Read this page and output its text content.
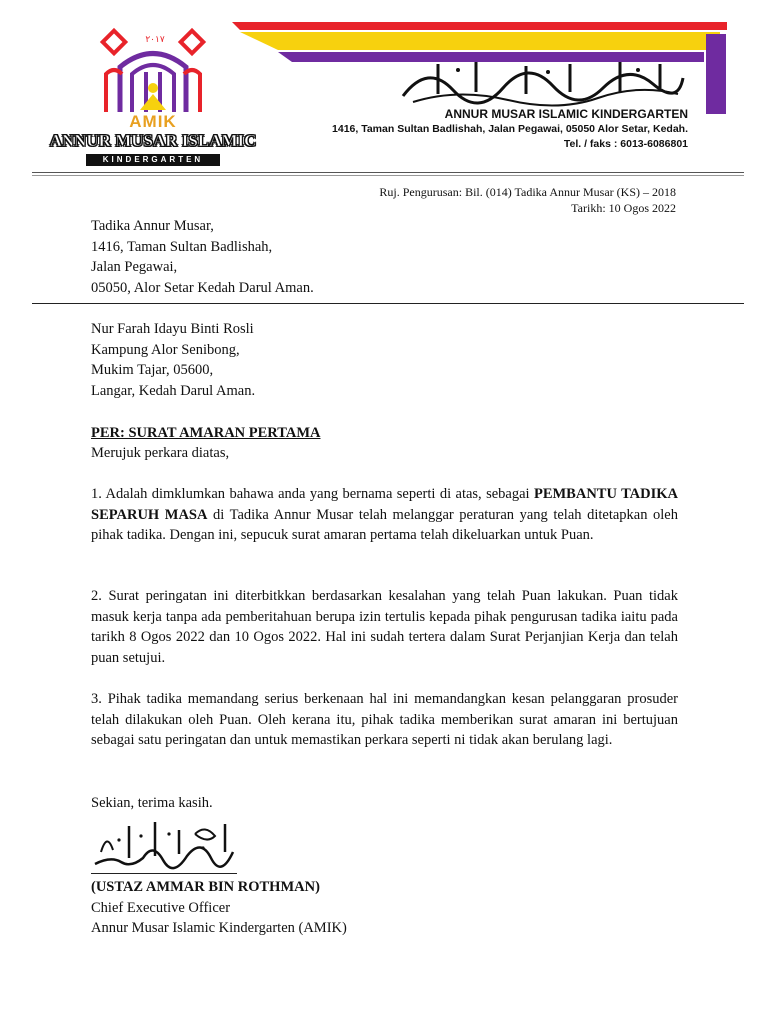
٢٠١٧
AMIK
ANNUR MUSAR ISLAMIC
KINDERGARTEN
ANNUR MUSAR ISLAMIC KINDERGARTEN
1416, Taman Sultan Badlishah, Jalan Pegawai, 05050 Alor Setar, Kedah.
Tel. / faks : 6013-6086801
Ruj. Pengurusan: Bil. (014) Tadika Annur Musar (KS) – 2018
Tarikh: 10 Ogos 2022
Tadika Annur Musar,
1416, Taman Sultan Badlishah,
Jalan Pegawai,
05050, Alor Setar Kedah Darul Aman.
Nur Farah Idayu Binti Rosli
Kampung Alor Senibong,
Mukim Tajar, 05600,
Langar, Kedah Darul Aman.
PER: SURAT AMARAN PERTAMA
Merujuk perkara diatas,
1. Adalah dimklumkan bahawa anda yang bernama seperti di atas, sebagai PEMBANTU TADIKA SEPARUH MASA di Tadika Annur Musar telah melanggar peraturan yang telah ditetapkan oleh pihak tadika. Dengan ini, sepucuk surat amaran pertama telah dikeluarkan untuk Puan.
2. Surat peringatan ini diterbitkkan berdasarkan kesalahan yang telah Puan lakukan. Puan tidak masuk kerja tanpa ada pemberitahuan berupa izin tertulis kepada pihak pengurusan tadika iaitu pada tarikh 8 Ogos 2022 dan 10 Ogos 2022. Hal ini sudah tertera dalam Surat Perjanjian Kerja dan telah puan setujui.
3. Pihak tadika memandang serius berkenaan hal ini memandangkan kesan pelanggaran prosuder telah dilakukan oleh Puan. Oleh kerana itu, pihak tadika memberikan surat amaran ini bertujuan sebagai satu peringatan dan untuk memastikan perkara seperti ni tidak akan berulang lagi.
Sekian, terima kasih.
(USTAZ AMMAR BIN ROTHMAN)
Chief Executive Officer
Annur Musar Islamic Kindergarten (AMIK)
